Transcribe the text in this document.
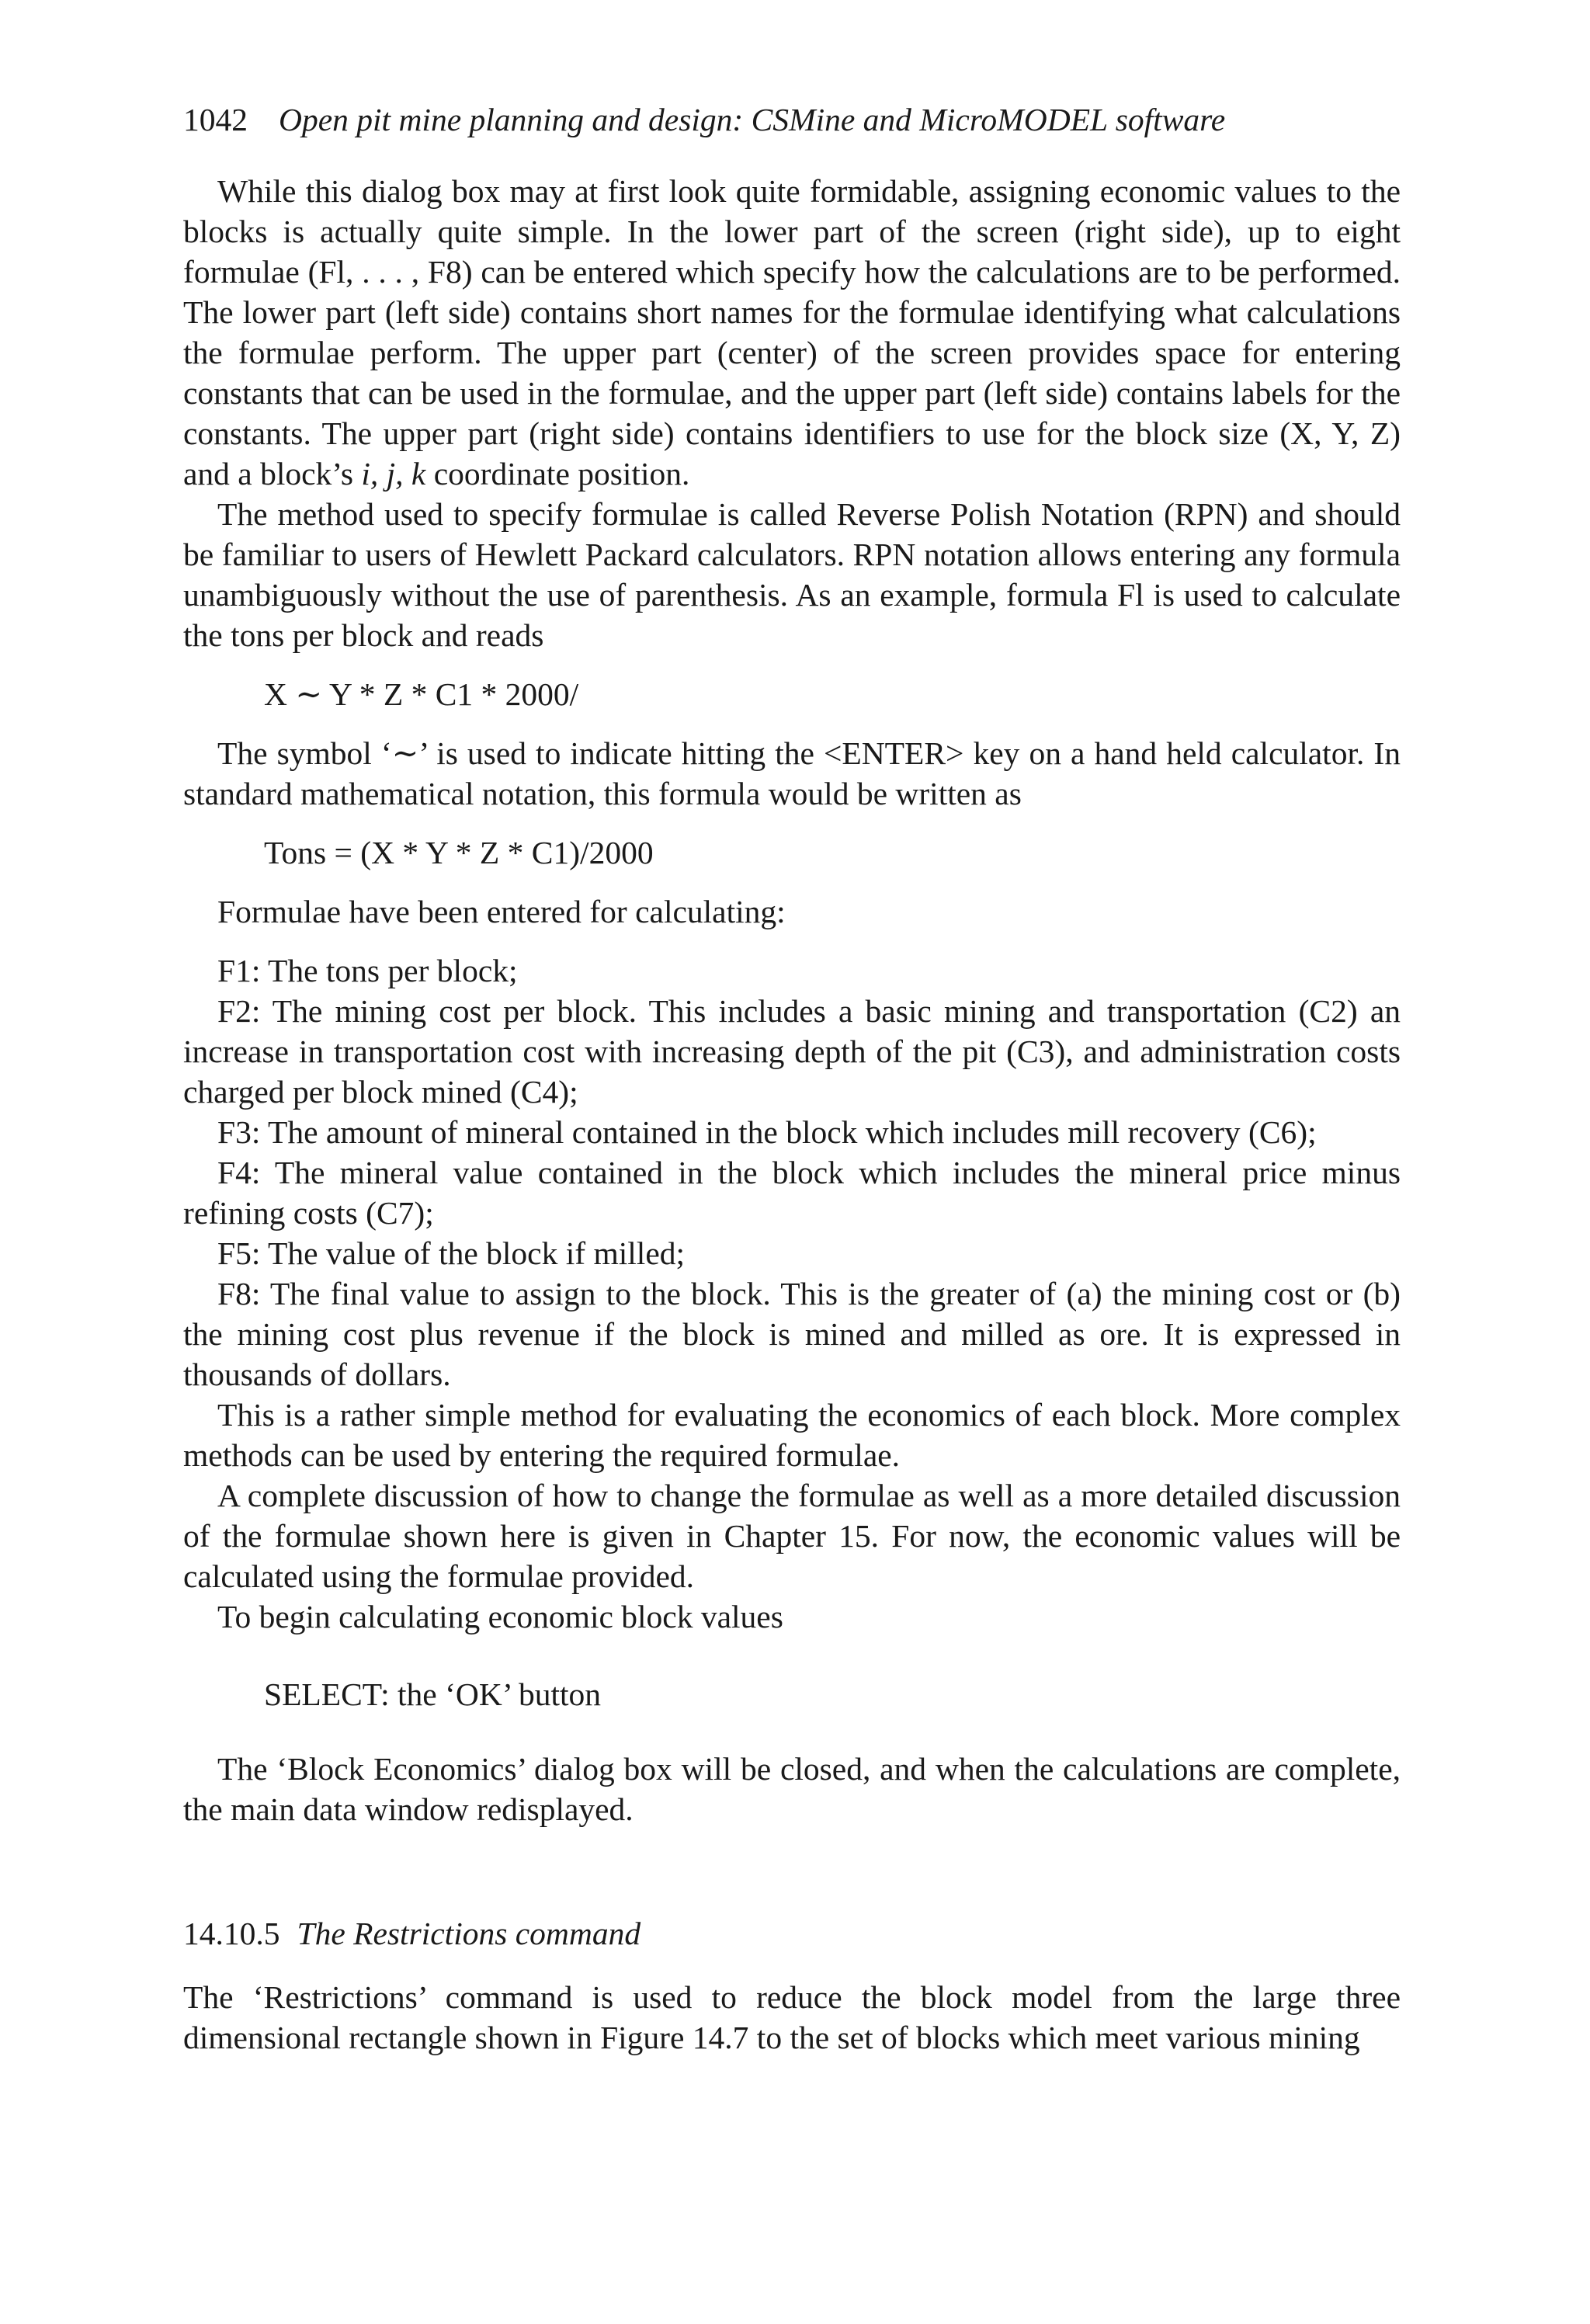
1042 Open pit mine planning and design: CSMine and MicroMODEL software

While this dialog box may at first look quite formidable, assigning economic values to the blocks is actually quite simple. In the lower part of the screen (right side), up to eight formulae (Fl, . . . , F8) can be entered which specify how the calculations are to be performed. The lower part (left side) contains short names for the formulae identifying what calculations the formulae perform. The upper part (center) of the screen provides space for entering constants that can be used in the formulae, and the upper part (left side) contains labels for the constants. The upper part (right side) contains identifiers to use for the block size (X, Y, Z) and a block’s i, j, k coordinate position.

The method used to specify formulae is called Reverse Polish Notation (RPN) and should be familiar to users of Hewlett Packard calculators. RPN notation allows entering any formula unambiguously without the use of parenthesis. As an example, formula Fl is used to calculate the tons per block and reads

X ∼ Y * Z * C1 * 2000/

The symbol ‘∼’ is used to indicate hitting the <ENTER> key on a hand held calculator. In standard mathematical notation, this formula would be written as

Tons = (X * Y * Z * C1)/2000

Formulae have been entered for calculating:

F1: The tons per block;

F2: The mining cost per block. This includes a basic mining and transportation (C2) an increase in transportation cost with increasing depth of the pit (C3), and administration costs charged per block mined (C4);

F3: The amount of mineral contained in the block which includes mill recovery (C6);

F4: The mineral value contained in the block which includes the mineral price minus refining costs (C7);

F5: The value of the block if milled;

F8: The final value to assign to the block. This is the greater of (a) the mining cost or (b) the mining cost plus revenue if the block is mined and milled as ore. It is expressed in thousands of dollars.

This is a rather simple method for evaluating the economics of each block. More complex methods can be used by entering the required formulae.

A complete discussion of how to change the formulae as well as a more detailed discussion of the formulae shown here is given in Chapter 15. For now, the economic values will be calculated using the formulae provided.

To begin calculating economic block values

SELECT: the ‘OK’ button

The ‘Block Economics’ dialog box will be closed, and when the calculations are complete, the main data window redisplayed.

14.10.5 The Restrictions command

The ‘Restrictions’ command is used to reduce the block model from the large three dimensional rectangle shown in Figure 14.7 to the set of blocks which meet various mining
